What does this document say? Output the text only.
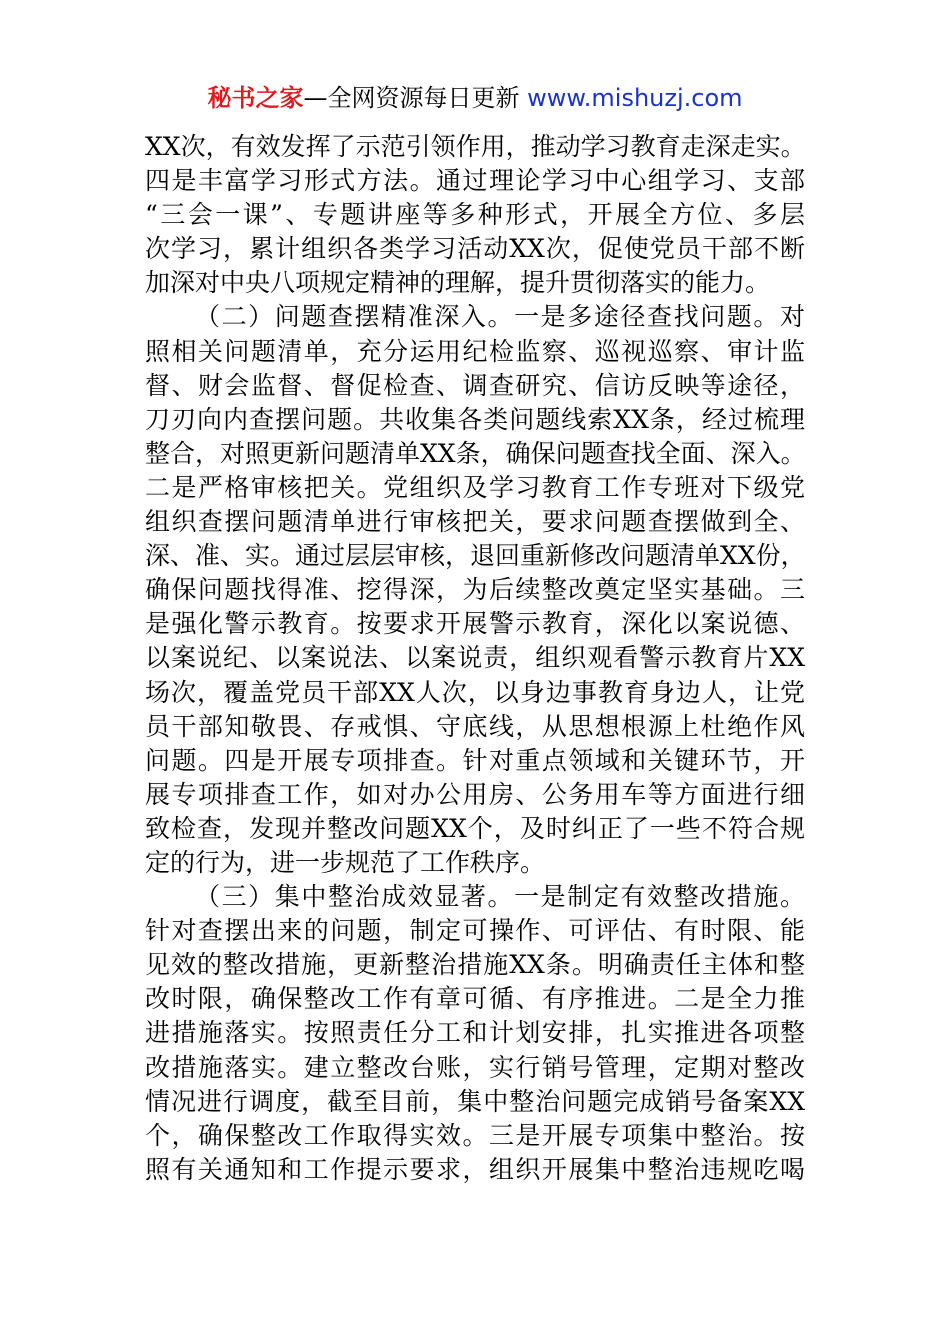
秘书之家—全网资源每日更新 www.mishuzj.com
XX次，有效发挥了示范引领作用，推动学习教育走深走实。
四是丰富学习形式方法。通过理论学习中心组学习、支部
“三会一课”、专题讲座等多种形式，开展全方位、多层
次学习，累计组织各类学习活动XX次，促使党员干部不断
加深对中央八项规定精神的理解，提升贯彻落实的能力。
（二）问题查摆精准深入。一是多途径查找问题。对
照相关问题清单，充分运用纪检监察、巡视巡察、审计监
督、财会监督、督促检查、调查研究、信访反映等途径，
刀刃向内查摆问题。共收集各类问题线索XX条，经过梳理
整合，对照更新问题清单XX条，确保问题查找全面、深入。
二是严格审核把关。党组织及学习教育工作专班对下级党
组织查摆问题清单进行审核把关，要求问题查摆做到全、
深、准、实。通过层层审核，退回重新修改问题清单XX份，
确保问题找得准、挖得深，为后续整改奠定坚实基础。三
是强化警示教育。按要求开展警示教育，深化以案说德、
以案说纪、以案说法、以案说责，组织观看警示教育片XX
场次，覆盖党员干部XX人次，以身边事教育身边人，让党
员干部知敬畏、存戒惧、守底线，从思想根源上杜绝作风
问题。四是开展专项排查。针对重点领域和关键环节，开
展专项排查工作，如对办公用房、公务用车等方面进行细
致检查，发现并整改问题XX个，及时纠正了一些不符合规
定的行为，进一步规范了工作秩序。
（三）集中整治成效显著。一是制定有效整改措施。
针对查摆出来的问题，制定可操作、可评估、有时限、能
见效的整改措施，更新整治措施XX条。明确责任主体和整
改时限，确保整改工作有章可循、有序推进。二是全力推
进措施落实。按照责任分工和计划安排，扎实推进各项整
改措施落实。建立整改台账，实行销号管理，定期对整改
情况进行调度，截至目前，集中整治问题完成销号备案XX
个，确保整改工作取得实效。三是开展专项集中整治。按
照有关通知和工作提示要求，组织开展集中整治违规吃喝
